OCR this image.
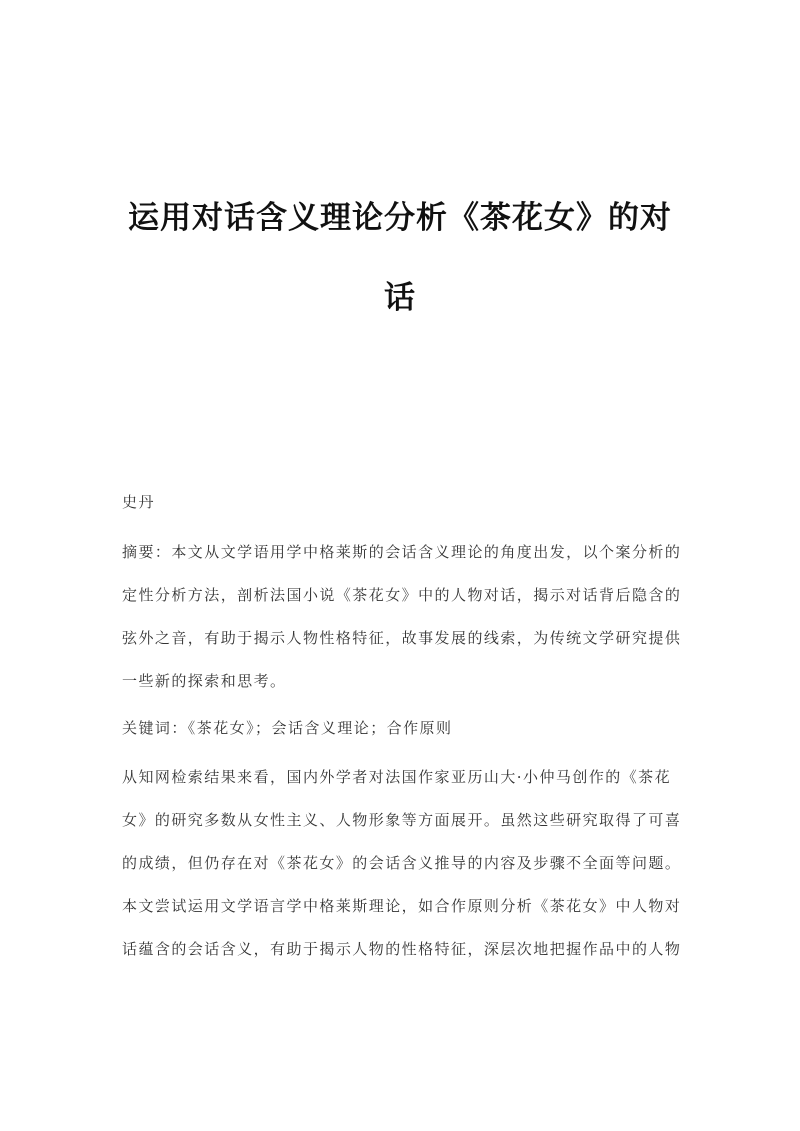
运用对话含义理论分析《茶花女》的对
话
史丹
摘要：本文从文学语用学中格莱斯的会话含义理论的角度出发，以个案分析的
定性分析方法，剖析法国小说《茶花女》中的人物对话，揭示对话背后隐含的
弦外之音，有助于揭示人物性格特征，故事发展的线索，为传统文学研究提供
一些新的探索和思考。
关键词：《茶花女》；会话含义理论；合作原则
从知网检索结果来看，国内外学者对法国作家亚历山大·小仲马创作的《茶花
女》的研究多数从女性主义、人物形象等方面展开。虽然这些研究取得了可喜
的成绩，但仍存在对《茶花女》的会话含义推导的内容及步骤不全面等问题。
本文尝试运用文学语言学中格莱斯理论，如合作原则分析《茶花女》中人物对
话蕴含的会话含义，有助于揭示人物的性格特征，深层次地把握作品中的人物
